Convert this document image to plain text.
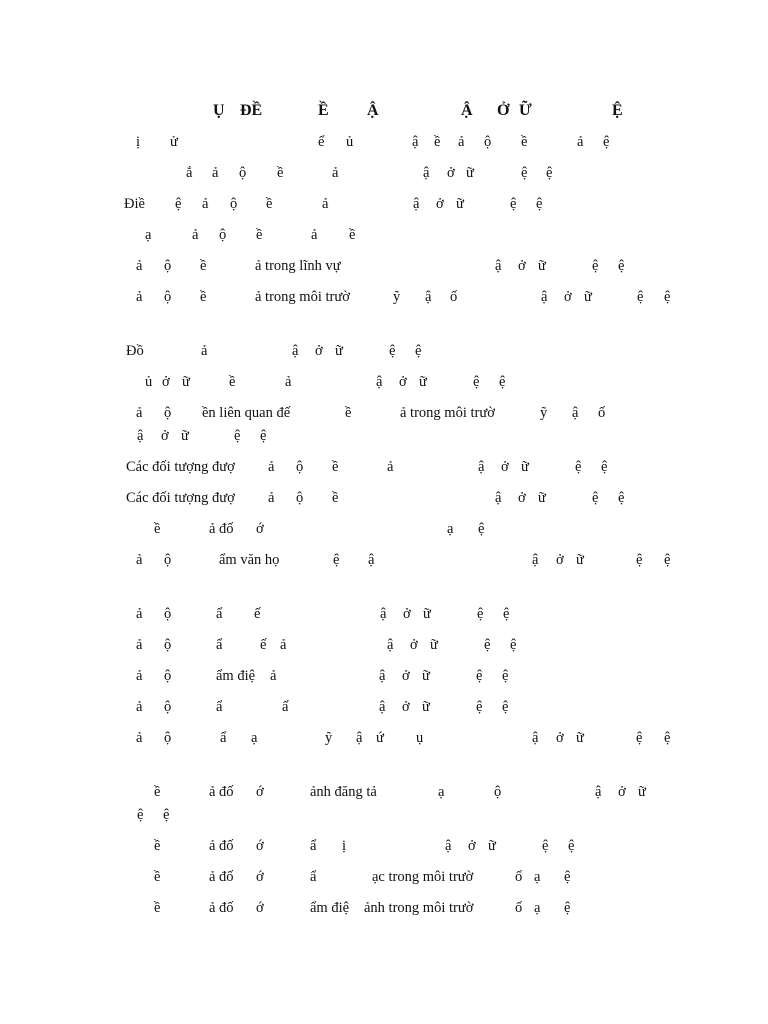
Ụ ĐỀ	Ề Ậ	Ậ Ở Ữ	Ệ
ị ử	ể ủ	ậ ề ả ộ ề	ả ệ
ắ ả ộ ề	ả	ậ ở ữ	ệ ệ
Điề ệ ả ộ ề	ả	ậ ở ữ	ệ ệ
ạ	ả ộ ề	ả ề
ả ộ ề	ả trong lĩnh vự	ậ ở ữ	ệ ệ
ả ộ ề	ả trong môi trườ	ỹ ậ ố	ậ ở ữ	ệ ệ
Đồ	ả	ậ ở ữ	ệ ệ
ủ ở ữ	ề	ả	ậ ở ữ	ệ ệ
ả ộ ền liên quan đế	ề	ả trong môi trườ	ỹ ậ ố
ậ ở ữ	ệ ệ
Các đối tượng đượ ả ộ ề	ả	ậ ở ữ	ệ ệ
Các đối tượng đượ ả ộ ề	ậ ở ữ	ệ ệ
ề	ả đố ớ	ạ ệ
ả ộ	ẩm văn họ	ệ ậ	ậ ở ữ	ệ ệ
ả ộ	ẩ ế	ậ ở ữ	ệ ệ
ả ộ	ẩ	ế ả	ậ ở ữ	ệ ệ
ả ộ	ẩm điệ ả	ậ ở ữ	ệ ệ
ả ộ	ẩ	ấ	ậ ở ữ	ệ ệ
ả ộ	ẩ ạ	ỹ ậ ứ ụ	ậ ở ữ	ệ ệ
ề	ả đố ớ	ảnh đăng tả	ạ	ộ	ậ ở ữ
ệ ệ
ề	ả đố ớ	ẩ ị	ậ ở ữ	ệ ệ
ề	ả đố ớ	ẩ	ạc trong môi trườ	ố ạ ệ
ề	ả đố ớ	ẩm điệ ảnh trong môi trườ	ố ạ ệ
